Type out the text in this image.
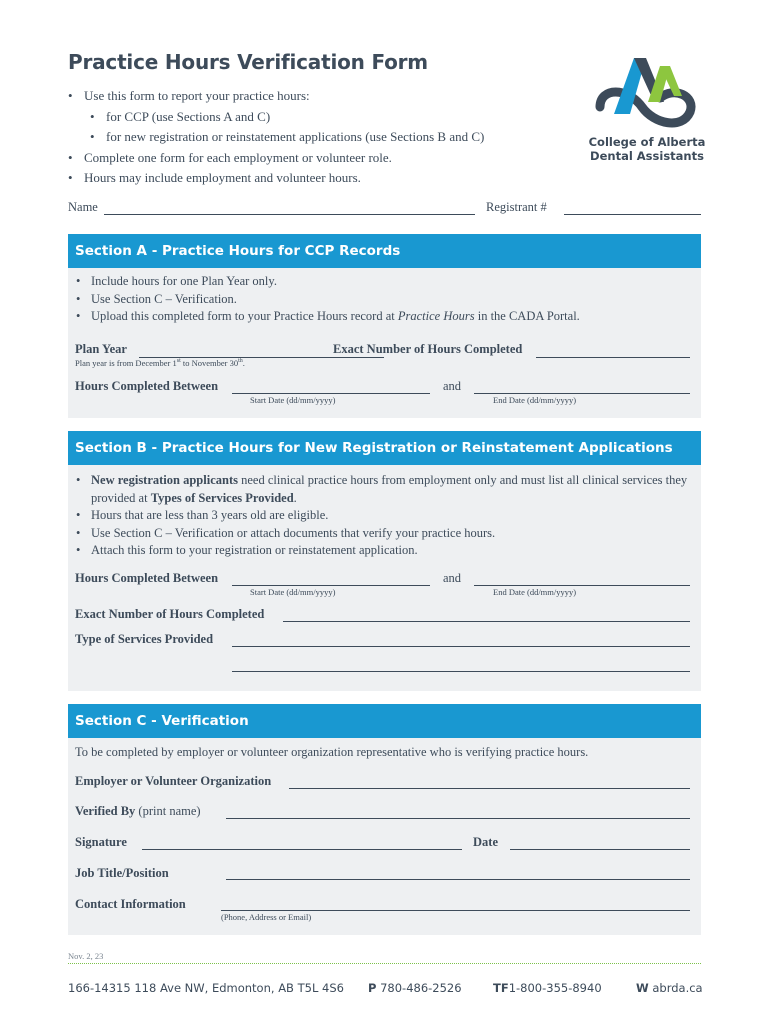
Practice Hours Verification Form
• Use this form to report your practice hours:
• for CCP (use Sections A and C)
• for new registration or reinstatement applications (use Sections B and C)
• Complete one form for each employment or volunteer role.
• Hours may include employment and volunteer hours.
College of Alberta
Dental Assistants
Name	Registrant #
Section A - Practice Hours for CCP Records
• Include hours for one Plan Year only.
• Use Section C – Verification.
• Upload this completed form to your Practice Hours record at Practice Hours in the CADA Portal.
Plan Year
Plan year is from December 1st to November 30th.
Exact Number of Hours Completed
Hours Completed Between
Start Date (dd/mm/yyyy)
and
End Date (dd/mm/yyyy)
Section B - Practice Hours for New Registration or Reinstatement Applications
• New registration applicants need clinical practice hours from employment only and must list all clinical services they provided at Types of Services Provided.
• Hours that are less than 3 years old are eligible.
• Use Section C – Verification or attach documents that verify your practice hours.
• Attach this form to your registration or reinstatement application.
Hours Completed Between
Start Date (dd/mm/yyyy)
and
End Date (dd/mm/yyyy)
Exact Number of Hours Completed
Type of Services Provided
Section C - Verification
To be completed by employer or volunteer organization representative who is verifying practice hours.
Employer or Volunteer Organization
Verified By (print name)
Signature	Date
Job Title/Position
Contact Information
(Phone, Address or Email)
Nov. 2, 23
166-14315 118 Ave NW, Edmonton, AB T5L 4S6 P 780-486-2526	TF1-800-355-8940	W abrda.ca
